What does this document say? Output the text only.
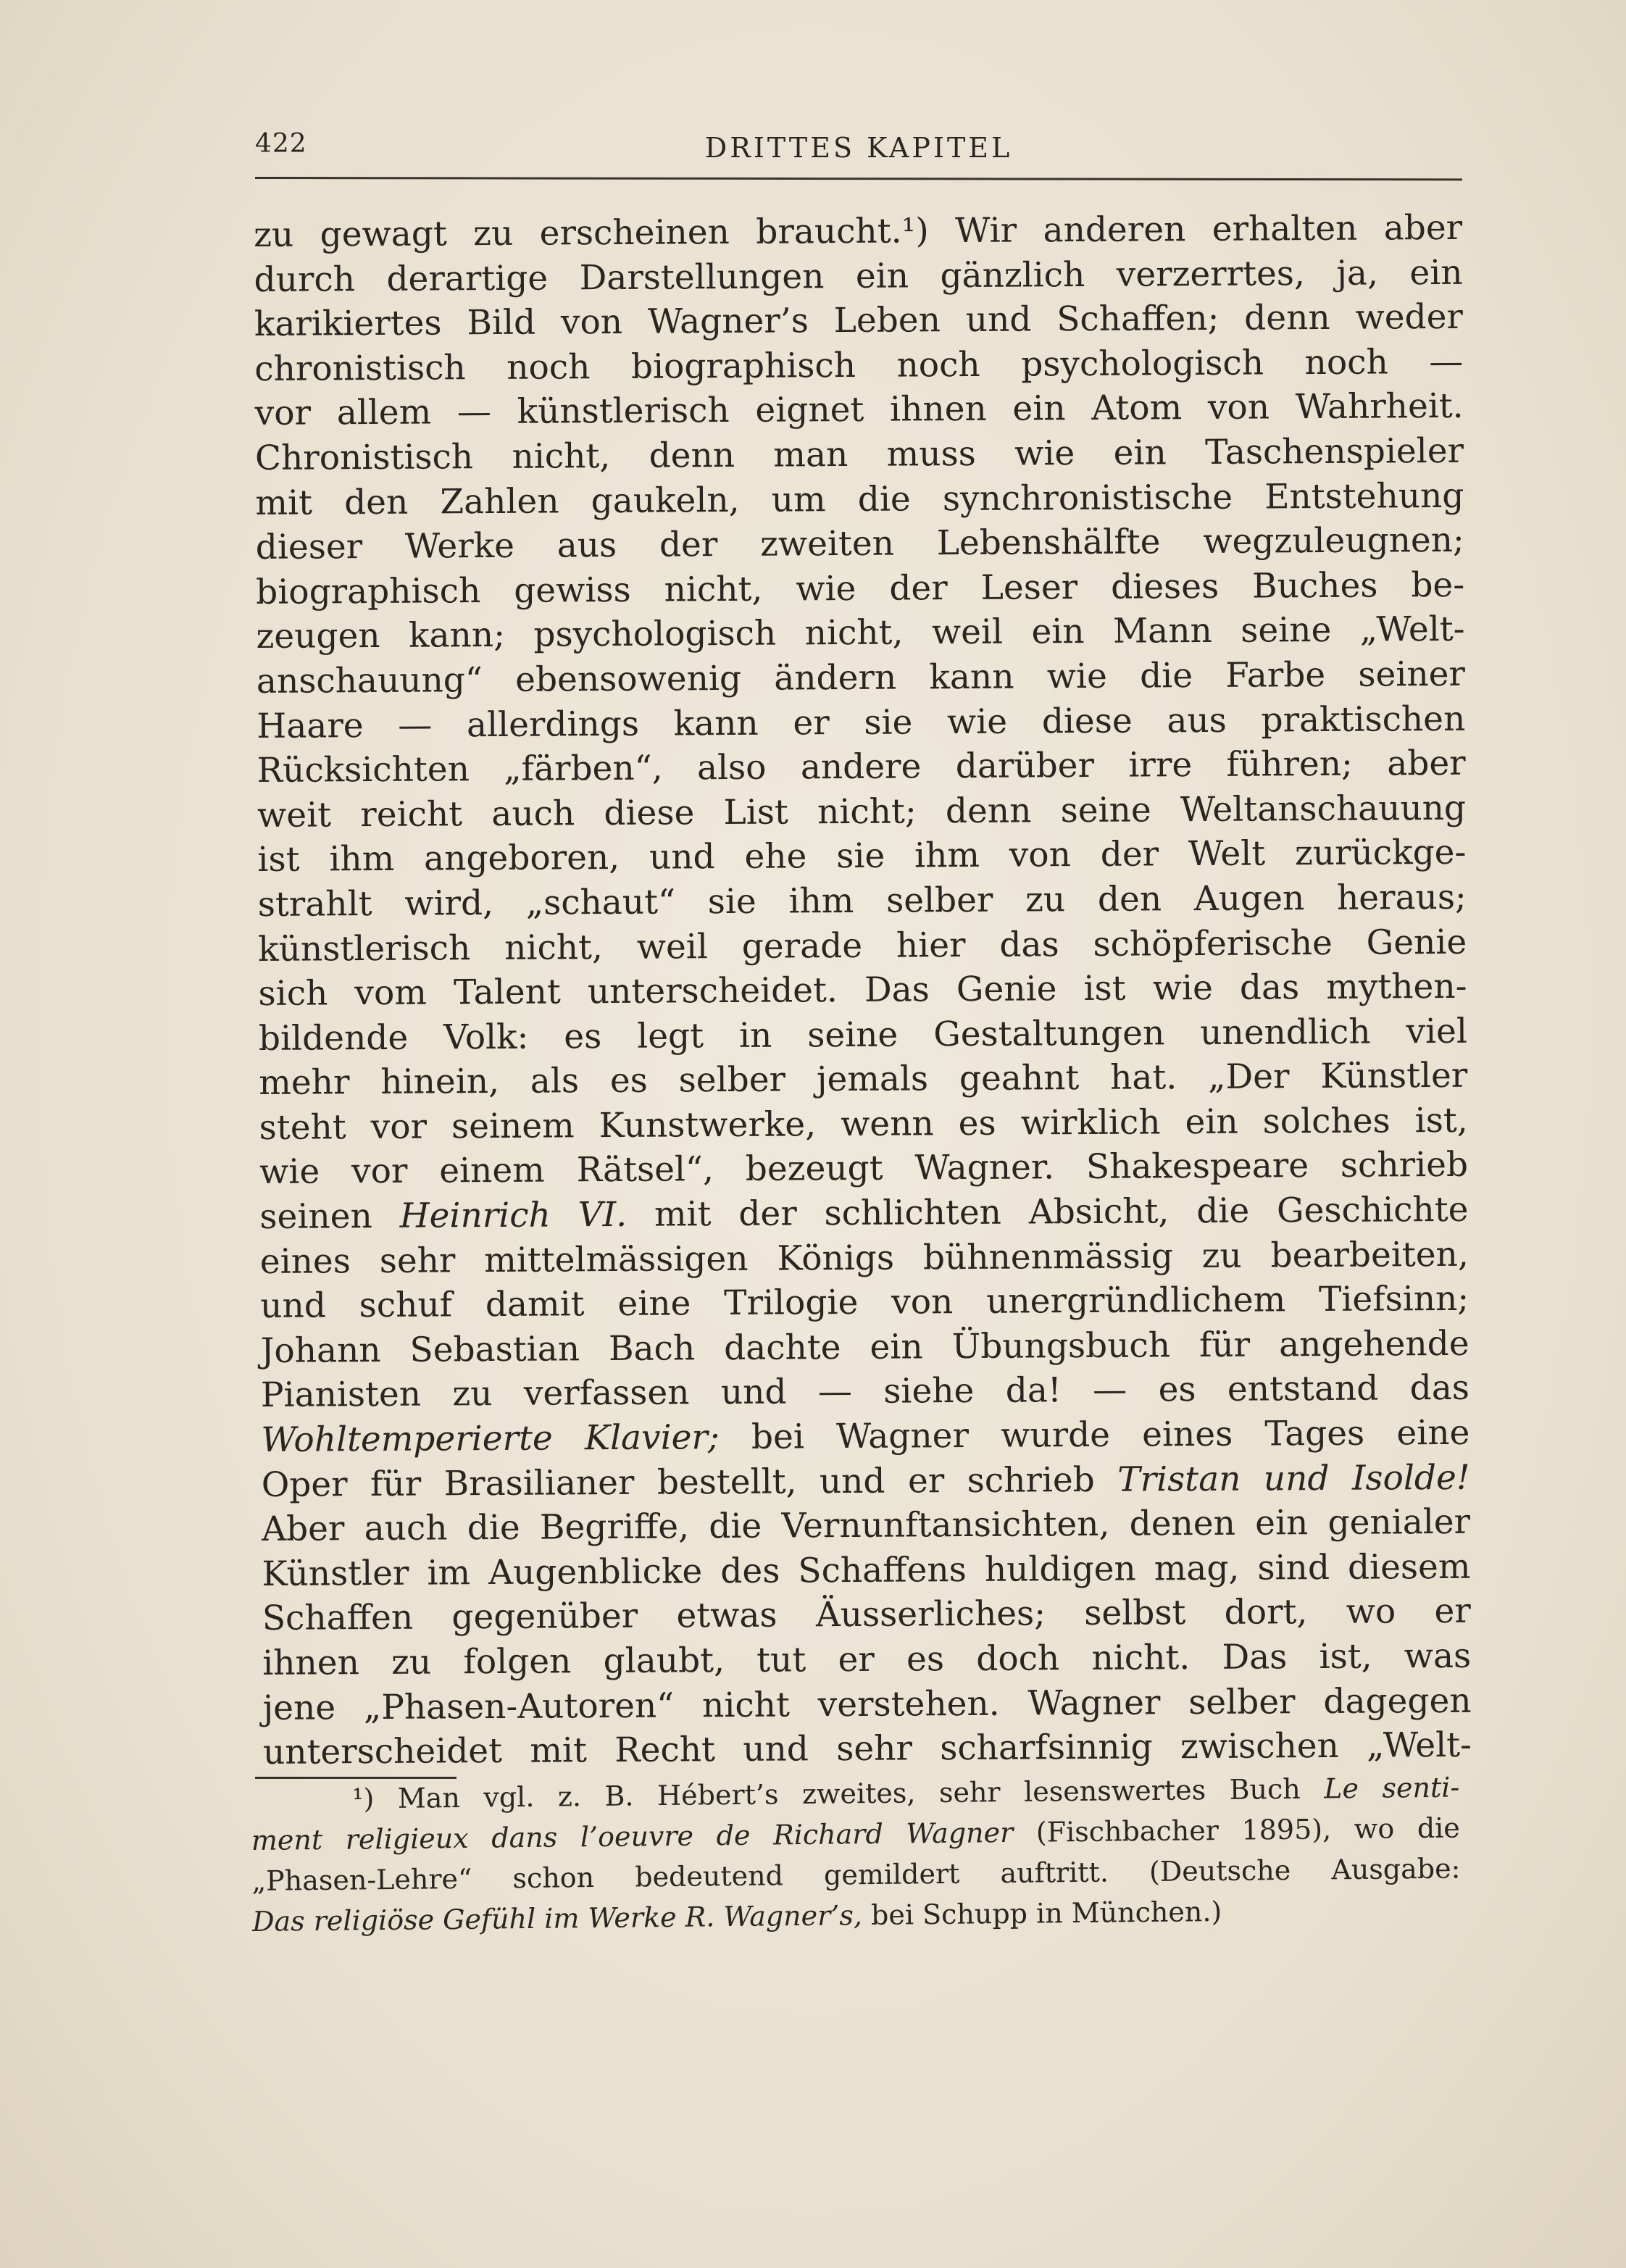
422	DRITTES KAPITEL
zu gewagt zu erscheinen braucht.¹) Wir anderen erhalten aber
durch derartige Darstellungen ein gänzlich verzerrtes, ja, ein
karikiertes Bild von Wagner’s Leben und Schaffen; denn weder
chronistisch noch biographisch noch psychologisch noch —
vor allem — künstlerisch eignet ihnen ein Atom von Wahrheit.
Chronistisch nicht, denn man muss wie ein Taschenspieler
mit den Zahlen gaukeln, um die synchronistische Entstehung
dieser Werke aus der zweiten Lebenshälfte wegzuleugnen;
biographisch gewiss nicht, wie der Leser dieses Buches be-
zeugen kann; psychologisch nicht, weil ein Mann seine „Welt-
anschauung“ ebensowenig ändern kann wie die Farbe seiner
Haare — allerdings kann er sie wie diese aus praktischen
Rücksichten „färben“, also andere darüber irre führen; aber
weit reicht auch diese List nicht; denn seine Weltanschauung
ist ihm angeboren, und ehe sie ihm von der Welt zurückge-
strahlt wird, „schaut“ sie ihm selber zu den Augen heraus;
künstlerisch nicht, weil gerade hier das schöpferische Genie
sich vom Talent unterscheidet. Das Genie ist wie das mythen-
bildende Volk: es legt in seine Gestaltungen unendlich viel
mehr hinein, als es selber jemals geahnt hat. „Der Künstler
steht vor seinem Kunstwerke, wenn es wirklich ein solches ist,
wie vor einem Rätsel“, bezeugt Wagner. Shakespeare schrieb
seinen Heinrich VI. mit der schlichten Absicht, die Geschichte
eines sehr mittelmässigen Königs bühnenmässig zu bearbeiten,
und schuf damit eine Trilogie von unergründlichem Tiefsinn;
Johann Sebastian Bach dachte ein Übungsbuch für angehende
Pianisten zu verfassen und — siehe da! — es entstand das
Wohltemperierte Klavier; bei Wagner wurde eines Tages eine
Oper für Brasilianer bestellt, und er schrieb Tristan und Isolde!
Aber auch die Begriffe, die Vernunftansichten, denen ein genialer
Künstler im Augenblicke des Schaffens huldigen mag, sind diesem
Schaffen gegenüber etwas Äusserliches; selbst dort, wo er
ihnen zu folgen glaubt, tut er es doch nicht. Das ist, was
jene „Phasen-Autoren“ nicht verstehen. Wagner selber dagegen
unterscheidet mit Recht und sehr scharfsinnig zwischen „Welt-
¹) Man vgl. z. B. Hébert’s zweites, sehr lesenswertes Buch Le senti-
ment religieux dans l’oeuvre de Richard Wagner (Fischbacher 1895), wo die
„Phasen-Lehre“ schon bedeutend gemildert auftritt. (Deutsche Ausgabe:
Das religiöse Gefühl im Werke R. Wagner’s, bei Schupp in München.)
